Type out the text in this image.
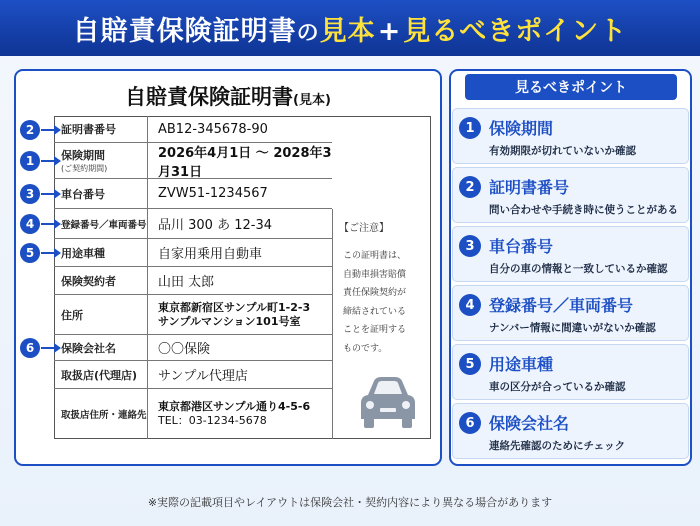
自賠責保険証明書の見本+見るべきポイント
自賠責保険証明書(見本)
証明書番号	AB12-345678-90
保険期間
(ご契約期間)
2026年4月1日 ～ 2028年3月31日
車台番号	ZVW51-1234567
登録番号／車両番号 品川 300 あ 12-34
用途車種	自家用乗用自動車
保険契約者	山田 太郎
住所
東京都新宿区サンプル町1-2-3
サンプルマンション101号室
保険会社名	〇〇保険
取扱店(代理店)	サンプル代理店
取扱店住所・連絡先
東京都港区サンプル通り4-5-6
TEL：03-1234-5678
【ご注意】
この証明書は、
自動車損害賠償
責任保険契約が
締結されている
ことを証明する
ものです。
2
1
3
4
5
6
見るべきポイント
1 保険期間
有効期限が切れていないか確認
2 証明書番号
問い合わせや手続き時に使うことがある
3 車台番号
自分の車の情報と一致しているか確認
4 登録番号／車両番号
ナンバー情報に間違いがないか確認
5 用途車種
車の区分が合っているか確認
6 保険会社名
連絡先確認のためにチェック
※実際の記載項目やレイアウトは保険会社・契約内容により異なる場合があります
